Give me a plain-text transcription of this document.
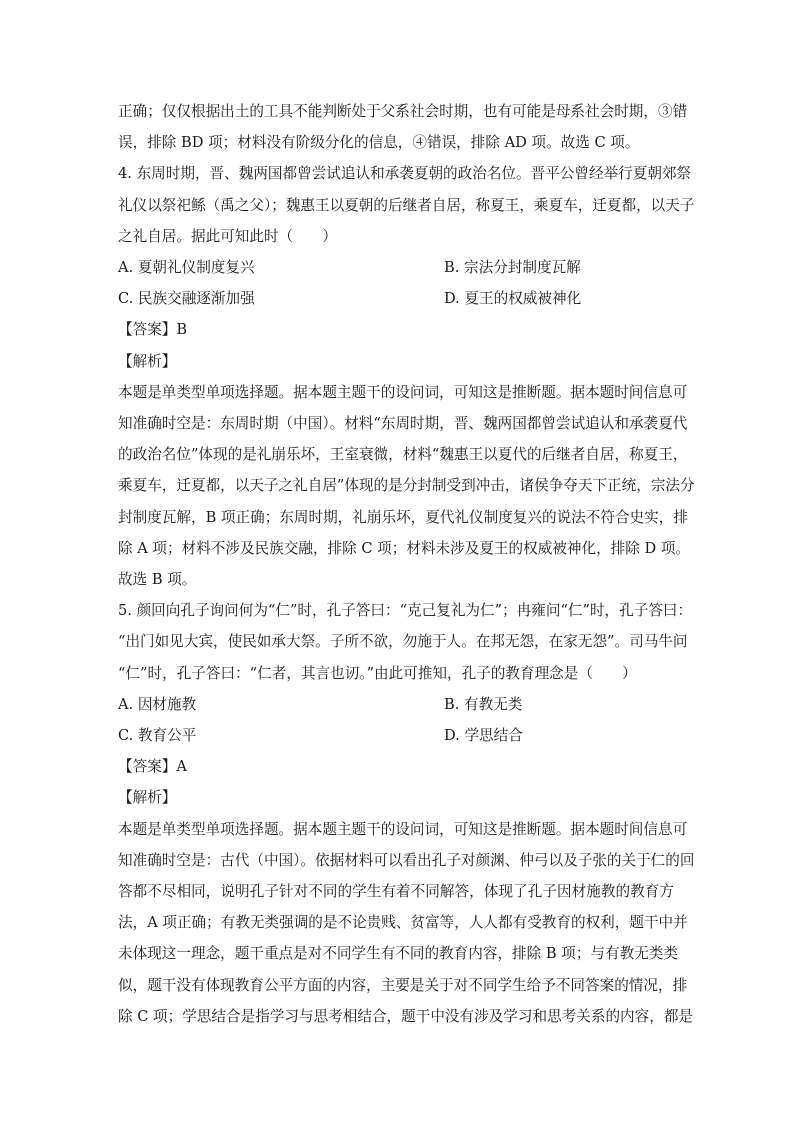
正确；仅仅根据出土的工具不能判断处于父系社会时期，也有可能是母系社会时期，③错
误，排除 BD 项；材料没有阶级分化的信息，④错误，排除 AD 项。故选 C 项。
4. 东周时期，晋、魏两国都曾尝试追认和承袭夏朝的政治名位。晋平公曾经举行夏朝郊祭
礼仪以祭祀鲧（禹之父）；魏惠王以夏朝的后继者自居，称夏王，乘夏车，迁夏都，以天子
之礼自居。据此可知此时（　　）
A. 夏朝礼仪制度复兴	B. 宗法分封制度瓦解
C. 民族交融逐渐加强	D. 夏王的权威被神化
【答案】B
【解析】
本题是单类型单项选择题。据本题主题干的设问词，可知这是推断题。据本题时间信息可
知准确时空是：东周时期（中国）。材料“东周时期，晋、魏两国都曾尝试追认和承袭夏代
的政治名位”体现的是礼崩乐坏，王室衰微，材料“魏惠王以夏代的后继者自居，称夏王，
乘夏车，迁夏都，以天子之礼自居”体现的是分封制受到冲击，诸侯争夺天下正统，宗法分
封制度瓦解，B 项正确；东周时期，礼崩乐坏，夏代礼仪制度复兴的说法不符合史实，排
除 A 项；材料不涉及民族交融，排除 C 项；材料未涉及夏王的权威被神化，排除 D 项。
故选 B 项。
5. 颜回向孔子询问何为“仁”时，孔子答曰：“克己复礼为仁”；冉雍问“仁”时，孔子答曰：
“出门如见大宾，使民如承大祭。子所不欲，勿施于人。在邦无怨，在家无怨”。司马牛问
“仁”时，孔子答曰：“仁者，其言也讱。”由此可推知，孔子的教育理念是（　　）
A. 因材施教	B. 有教无类
C. 教育公平	D. 学思结合
【答案】A
【解析】
本题是单类型单项选择题。据本题主题干的设问词，可知这是推断题。据本题时间信息可
知准确时空是：古代（中国）。依据材料可以看出孔子对颜渊、仲弓以及子张的关于仁的回
答都不尽相同，说明孔子针对不同的学生有着不同解答，体现了孔子因材施教的教育方
法，A 项正确；有教无类强调的是不论贵贱、贫富等，人人都有受教育的权利，题干中并
未体现这一理念，题干重点是对不同学生有不同的教育内容，排除 B 项；与有教无类类
似，题干没有体现教育公平方面的内容，主要是关于对不同学生给予不同答案的情况，排
除 C 项；学思结合是指学习与思考相结合，题干中没有涉及学习和思考关系的内容，都是
